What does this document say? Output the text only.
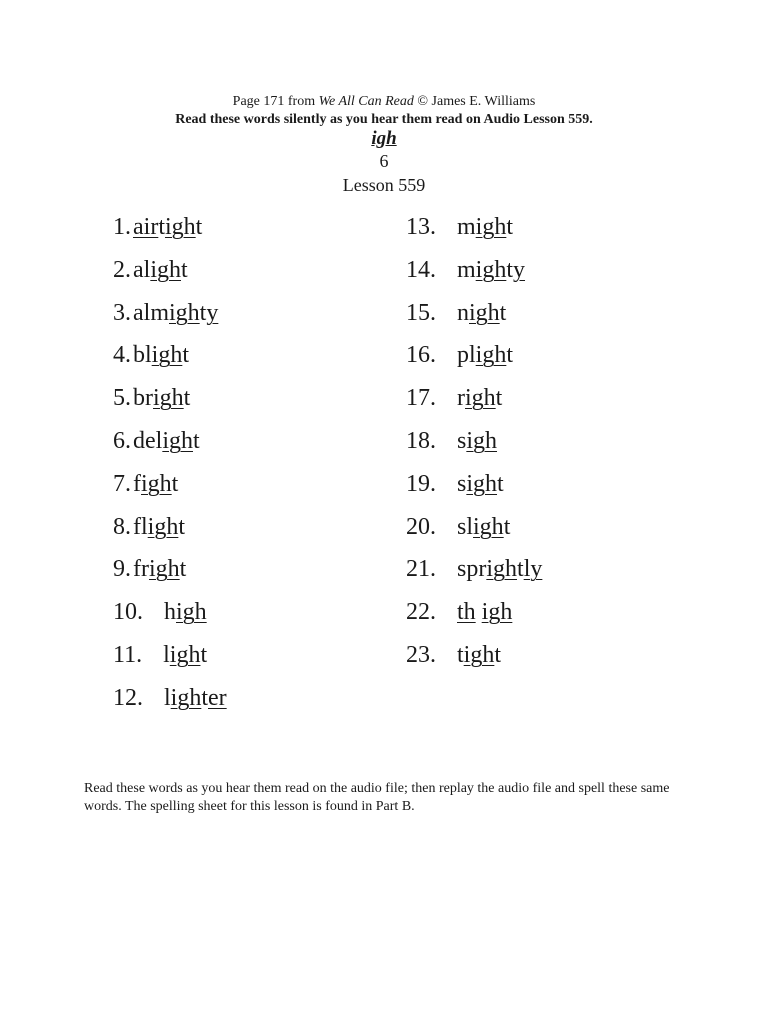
Page 171 from We All Can Read © James E. Williams
Read these words silently as you hear them read on Audio Lesson 559.
igh
6
Lesson 559
1.airtight
2.alight
3.almighty
4.blight
5.bright
6.delight
7.fight
8.flight
9.fright
10. high
11. light
12. lighter
13. might
14. mighty
15. night
16. plight
17. right
18. sigh
19. sight
20. slight
21. sprightly
22. th igh
23. tight
Read these words as you hear them read on the audio file; then replay the audio file and spell these same words. The spelling sheet for this lesson is found in Part B.
